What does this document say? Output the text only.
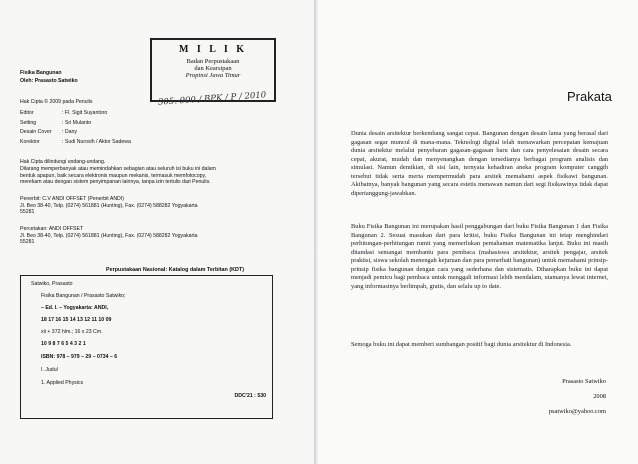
M I L I K
Badan Perpustakaan
dan Kearsipan
Propinsi Jawa Timur
305. 900 / BPK / P / 2010
Fisika Bangunan
Oleh: Prasasto Satwiko
Hak Cipta © 2009 pada Penulis
Editor	: Fl. Sigit Suyantoro
Setting	: Sri Mulanto
Desain Cover	: Dany
Korektor	: Sudi Nurosih / Aktor Sadewa
Hak Cipta dilindungi undang-undang.
Dilarang memperbanyak atau memindahkan sebagian atau seluruh isi buku ini dalam
bentuk apapun, baik secara elektronis maupun mekanis, termasuk memfotocopy,
merekam atau dengan sistem penyimpanan lainnya, tanpa izin tertulis dari Penulis.
Penerbit: C.V ANDI OFFSET (Penerbit ANDI)
Jl. Beo 38-40, Telp. (0274) 561881 (Hunting), Fax. (0274) 588282 Yogyakarta
55281
Percetakan: ANDI OFFSET
Jl. Beo 38-40, Telp. (0274) 561881 (Hunting), Fax. (0274) 588282 Yogyakarta
55281
Perpustakaan Nasional: Katalog dalam Terbitan (KDT)
Satwiko, Prasasto
Fisika Bangunan / Prasasto Satwiko;
– Ed. I. – Yogyakarta: ANDI,
18 17 16 15 14 13 12 11 10 09
xii + 372 hlm.; 16 x 23 Cm.
10 9 8 7 6 5 4 3 2 1
ISBN: 978 – 979 – 29 – 0734 – 6
I. Judul
1. Applied Physics
DDC'21 : 530
Prakata
Dunia desain arsitektur berkembang sangat cepat. Bangunan dengan desain lama yang berasal dari gagasan segar muncul di mana-mana. Teknologi digital telah menawarkan percepatan kemajuan dunia arsitektur melalui penyebaran gagasan-gagasan baru dan cara penyelesaian desain secara cepat, akurat, mudah dan menyenangkan dengan tersedianya berbagai program analisis dan simulasi. Namun demikian, di sisi lain, ternyata kehadiran aneka program komputer canggih tersebut tidak serta merta mempermudah para arsitek memahami aspek fisikawi bangunan. Akibatnya, banyak bangunan yang secara estetis menawan namun dari segi fisikawinya tidak dapat dipertanggung-jawabkan.
Buku Fisika Bangunan ini merupakan hasil penggabungan dari buku Fisika Bangunan 1 dan Fisika Bangunan 2. Sesuai masukan dari para kritisi, buku Fisika Bangunan ini tetap menghindari perhitungan-perhitungan rumit yang memerlukan pemahaman matematika lanjut. Buku ini masih ditandasi semangat membantu para pembaca (mahasiswa arsitektur, arsitek pengajar, arsitek praktisi, siswa sekolah menengah kejuruan dan para pemerhati bangunan) untuk memahami prinsip-prinsip fisika bangunan dengan cara yang sederhana dan sistematis. Diharapkan buku ini dapat menjadi pemicu bagi pembaca untuk menggali informasi lebih mendalam, utamanya lewat internet, yang informasinya berlimpah, gratis, dan selalu up to date.
Semoga buku ini dapat memberi sumbangan positif bagi dunia arsitektur di Indonesia.
Prasasto Satwiko
2008
psatwiko@yahoo.com
